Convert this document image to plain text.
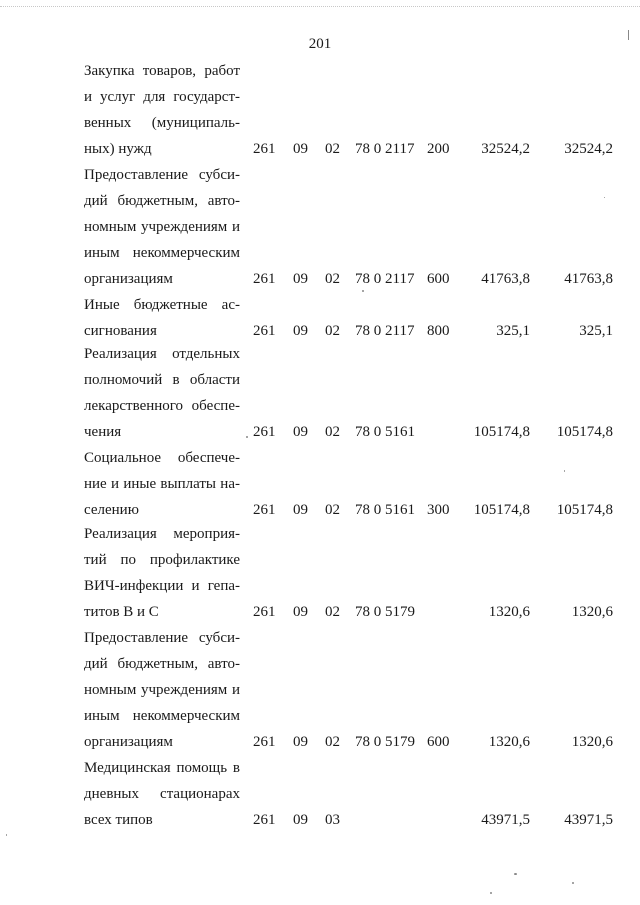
201
Закупка товаров, работ
и услуг для государст-
венных (муниципаль-
ных) нужд	261 09 02 78 0 2117 200 32524,2 32524,2
Предоставление субси-
дий бюджетным, авто-
номным учреждениям и
иным некоммерческим
организациям	261 09 02 78 0 2117 600 41763,8 41763,8
Иные бюджетные ас-
сигнования	261 09 02 78 0 2117 800	325,1	325,1
Реализация отдельных
полномочий в области
лекарственного обеспе-
чения	261 09 02 78 0 5161	105174,8 105174,8
Социальное обеспече-
ние и иные выплаты на-
селению	261 09 02 78 0 5161 300 105174,8 105174,8
Реализация мероприя-
тий по профилактике
ВИЧ-инфекции и гепа-
титов В и С	261 09 02 78 0 5179	1320,6	1320,6
Предоставление субси-
дий бюджетным, авто-
номным учреждениям и
иным некоммерческим
организациям	261 09 02 78 0 5179 600	1320,6	1320,6
Медицинская помощь в
дневных стационарах
всех типов	261 09 03	43971,5 43971,5
